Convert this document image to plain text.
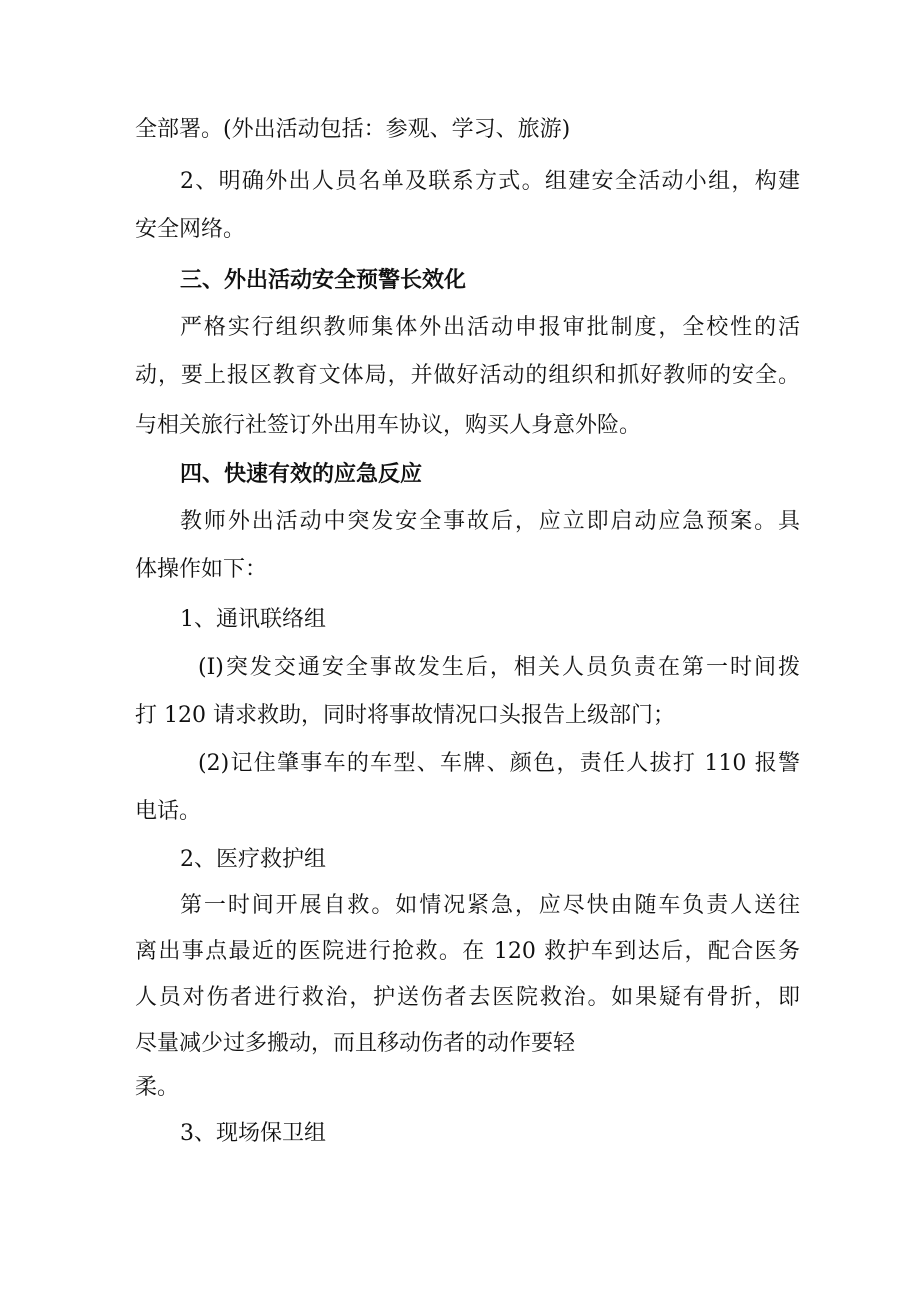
全部署。(外出活动包括：参观、学习、旅游)
2、明确外出人员名单及联系方式。组建安全活动小组，构建
安全网络。
三、外出活动安全预警长效化
严格实行组织教师集体外出活动申报审批制度，全校性的活
动，要上报区教育文体局，并做好活动的组织和抓好教师的安全。
与相关旅行社签订外出用车协议，购买人身意外险。
四、快速有效的应急反应
教师外出活动中突发安全事故后，应立即启动应急预案。具
体操作如下：
1、通讯联络组
(I)突发交通安全事故发生后，相关人员负责在第一时间拨
打 120 请求救助，同时将事故情况口头报告上级部门；
(2)记住肇事车的车型、车牌、颜色，责任人拔打 110 报警
电话。
2、医疗救护组
第一时间开展自救。如情况紧急，应尽快由随车负责人送往
离出事点最近的医院进行抢救。在 120 救护车到达后，配合医务
人员对伤者进行救治，护送伤者去医院救治。如果疑有骨折，即
尽量减少过多搬动，而且移动伤者的动作要轻
柔。
3、现场保卫组
